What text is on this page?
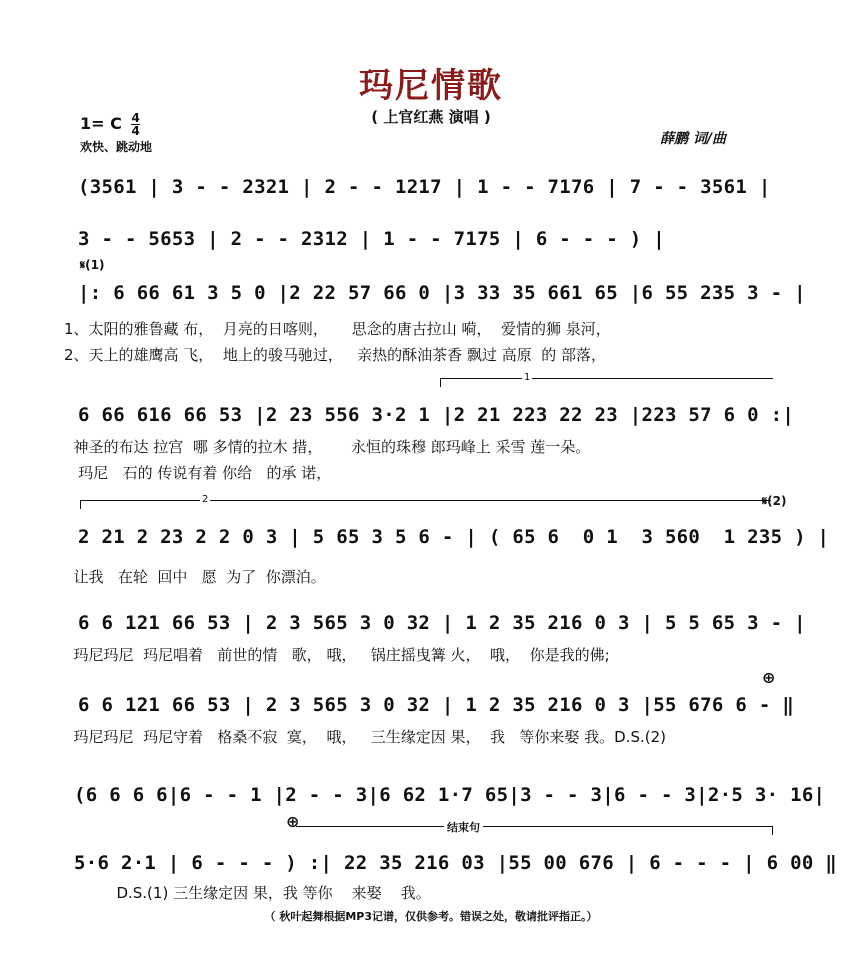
玛尼情歌
( 上官红燕 演唱 )
1= C $\frac{4}{4}$
欢快、跳动地	薛鹏 词/曲
(3561 | 3 - - 2321 | 2 - - 1217 | 1 - - 7176 | 7 - - 3561 |
3 - - 5653 | 2 - - 2312 | 1 - - 7175 | 6 - - - ) |
𝄋(1)
|: 6 66 61 3 5 0 |2 22 57 66 0 |3 33 35 661 65 |6 55 235 3 - |
1、太阳的雅鲁藏 布，  月亮的日喀则，     思念的唐古拉山 嗬，  爱情的狮 泉河，
2、天上的雄鹰高 飞，  地上的骏马驰过，   亲热的酥油茶香 飘过 高原  的 部落，
1
6 66 616 66 53 |2 23 556 3·2 1 |2 21 223 22 23 |223 57 6 0 :|
神圣的布达 拉宫  哪 多情的拉木 措，      永恒的珠穆 郎玛峰上 采雪 莲一朵。
玛尼   石的 传说有着 你给   的承 诺，
2	𝄋(2)
2 21 2 23 2 2 0 3 | 5 65 3 5 6 - | ( 65 6  0 1  3 560  1 235 ) |
让我   在轮  回中   愿  为了  你漂泊。
6 6 121 66 53 | 2 3 565 3 0 32 | 1 2 35 216 0 3 | 5 5 65 3 - |
玛尼玛尼  玛尼唱着   前世的情   歌， 哦，   锅庄摇曳篝 火，  哦，  你是我的佛;
⊕
6 6 121 66 53 | 2 3 565 3 0 32 | 1 2 35 216 0 3 |55 676 6 - ‖
玛尼玛尼  玛尼守着   格桑不寂  寞，  哦，   三生缘定因 果，  我   等你来娶 我。D.S.(2)
(6 6 6 6|6 - - 1 |2 - - 3|6 62 1·7 65|3 - - 3|6 - - 3|2·5 3· 16|
⊕	结束句
5·6 2·1 | 6 - - - ) :| 22 35 216 03 |55 00 676 | 6 - - - | 6 00 ‖
D.S.(1) 三生缘定因 果，我 等你    来娶    我。
（ 秋叶起舞根据MP3记谱，仅供参考。错误之处，敬请批评指正。）
